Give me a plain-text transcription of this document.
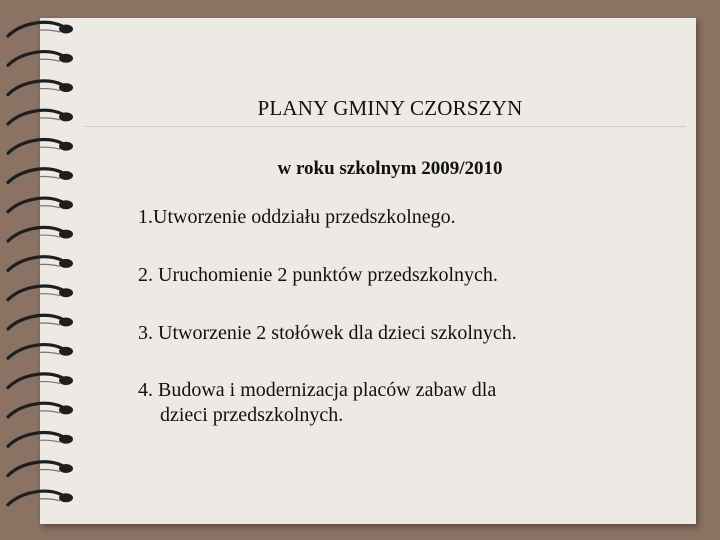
PLANY GMINY CZORSZYN
w roku szkolnym 2009/2010
1.Utworzenie oddziału przedszkolnego.
2. Uruchomienie 2 punktów przedszkolnych.
3. Utworzenie 2 stołówek dla dzieci szkolnych.
4. Budowa i modernizacja placów zabaw dla
dzieci przedszkolnych.
